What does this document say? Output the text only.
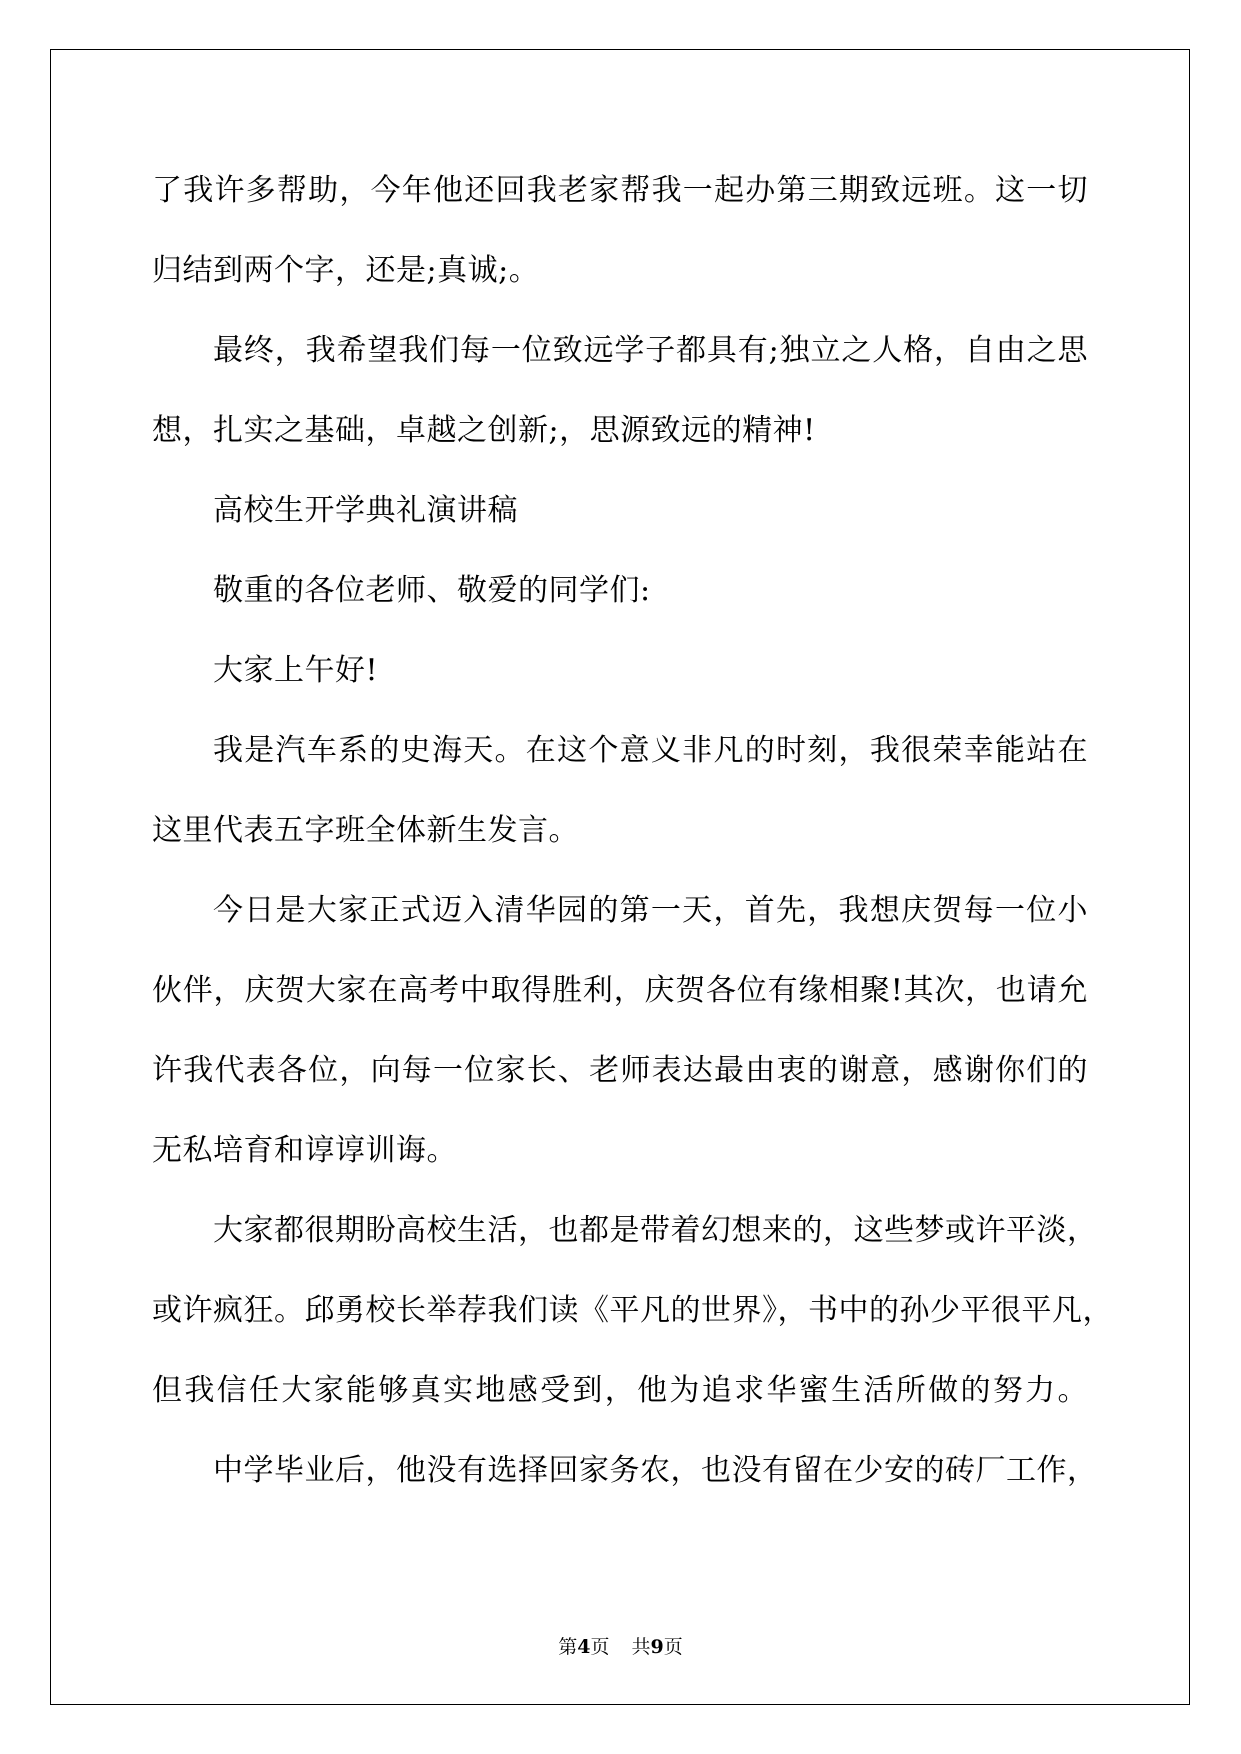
了我许多帮助，今年他还回我老家帮我一起办第三期致远班。这一切
归结到两个字，还是;真诚;。
最终，我希望我们每一位致远学子都具有;独立之人格，自由之思
想，扎实之基础，卓越之创新;，思源致远的精神!
高校生开学典礼演讲稿
敬重的各位老师、敬爱的同学们:
大家上午好!
我是汽车系的史海天。在这个意义非凡的时刻，我很荣幸能站在
这里代表五字班全体新生发言。
今日是大家正式迈入清华园的第一天，首先，我想庆贺每一位小
伙伴，庆贺大家在高考中取得胜利，庆贺各位有缘相聚!其次，也请允
许我代表各位，向每一位家长、老师表达最由衷的谢意，感谢你们的
无私培育和谆谆训诲。
大家都很期盼高校生活，也都是带着幻想来的，这些梦或许平淡，
或许疯狂。邱勇校长举荐我们读《平凡的世界》，书中的孙少平很平凡，
但我信任大家能够真实地感受到，他为追求华蜜生活所做的努力。
中学毕业后，他没有选择回家务农，也没有留在少安的砖厂工作，
第4页 共9页
